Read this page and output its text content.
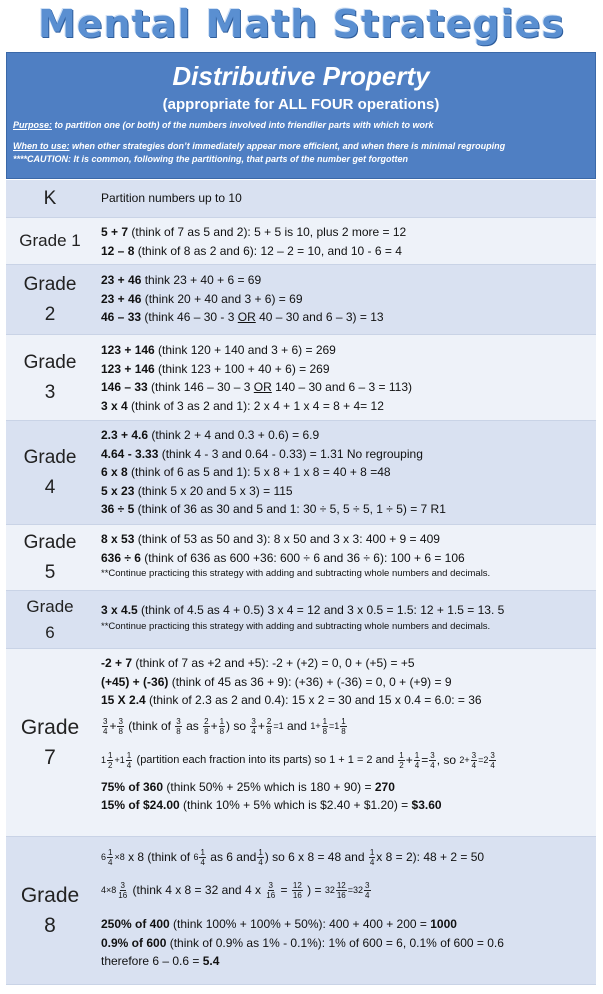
Mental Math Strategies
Distributive Property
(appropriate for ALL FOUR operations)
Purpose: to partition one (or both) of the numbers involved into friendlier parts with which to work
When to use: when other strategies don’t immediately appear more efficient, and when there is minimal regrouping
****CAUTION: It is common, following the partitioning, that parts of the number get forgotten
K	Partition numbers up to 10
Grade 1	5 + 7 (think of 7 as 5 and 2): 5 + 5 is 10, plus 2 more = 12
12 – 8 (think of 8 as 2 and 6): 12 – 2 = 10, and 10 - 6 = 4
Grade
2
23 + 46 think 23 + 40 + 6 = 69
23 + 46 (think 20 + 40 and 3 + 6) = 69
46 – 33 (think 46 – 30 - 3 OR 40 – 30 and 6 – 3) = 13
Grade
3
123 + 146 (think 120 + 140 and 3 + 6) = 269
123 + 146 (think 123 + 100 + 40 + 6) = 269
146 – 33 (think 146 – 30 – 3 OR 140 – 30 and 6 – 3 = 113)
3 x 4 (think of 3 as 2 and 1): 2 x 4 + 1 x 4 = 8 + 4= 12
Grade
4
2.3 + 4.6 (think 2 + 4 and 0.3 + 0.6) = 6.9
4.64 - 3.33 (think 4 - 3 and 0.64 - 0.33) = 1.31 No regrouping
6 x 8 (think of 6 as 5 and 1): 5 x 8 + 1 x 8 = 40 + 8 =48
5 x 23 (think 5 x 20 and 5 x 3) = 115
36 ÷ 5 (think of 36 as 30 and 5 and 1: 30 ÷ 5, 5 ÷ 5, 1 ÷ 5) = 7 R1
Grade
5
8 x 53 (think of 53 as 50 and 3): 8 x 50 and 3 x 3: 400 + 9 = 409
636 ÷ 6 (think of 636 as 600 +36: 600 ÷ 6 and 36 ÷ 6): 100 + 6 = 106
**Continue practicing this strategy with adding and subtracting whole numbers and decimals.
Grade
6
3 x 4.5 (think of 4.5 as 4 + 0.5) 3 x 4 = 12 and 3 x 0.5 = 1.5: 12 + 1.5 = 13. 5
**Continue practicing this strategy with adding and subtracting whole numbers and decimals.
Grade
7
-2 + 7 (think of 7 as +2 and +5): -2 + (+2) = 0, 0 + (+5) = +5
(+45) + (-36) (think of 45 as 36 + 9): (+36) + (-36) = 0, 0 + (+9) = 9
15 X 2.4 (think of 2.3 as 2 and 0.4): 15 x 2 = 30 and 15 x 0.4 = 6.0: = 36
$\frac{3}{4} + \frac{3}{8}$
(think of
$\frac{3}{8}$
as
$\frac{2}{8} + \frac{1}{8}$ ) so
$\frac{3}{4} + \frac{2}{8} =1$
and
$1+ \frac{1}{8} =1 \frac{1}{8}$
$1 \frac{1}{2} +1 \frac{1}{4}$
(partition each fraction into its parts) so 1 + 1 = 2 and
$\frac{1}{2} + \frac{1}{4} = \frac{3}{4}$ , so
$2+ \frac{3}{4} =2 \frac{3}{4}$
75% of 360 (think 50% + 25% which is 180 + 90) = 270
15% of $24.00 (think 10% + 5% which is $2.40 + $1.20) = $3.60
Grade
8
$6 \frac{1}{4} \times 8$
x 8 (think of
$6 \frac{1}{4}$
as 6 and $\frac{1}{4}$ ) so 6 x 8 = 48 and
$\frac{1}{4}$ x 8 = 2): 48 + 2 = 50
$4\times 8 \frac{3}{16}$
(think 4 x 8 = 32 and 4 x
$\frac{3}{16}$
=
$\frac{12}{16}$
) =
$32 \frac{12}{16} =32 \frac{3}{4}$
250% of 400 (think 100% + 100% + 50%): 400 + 400 + 200 = 1000
0.9% of 600 (think of 0.9% as 1% - 0.1%): 1% of 600 = 6, 0.1% of 600 = 0.6
therefore 6 – 0.6 = 5.4
